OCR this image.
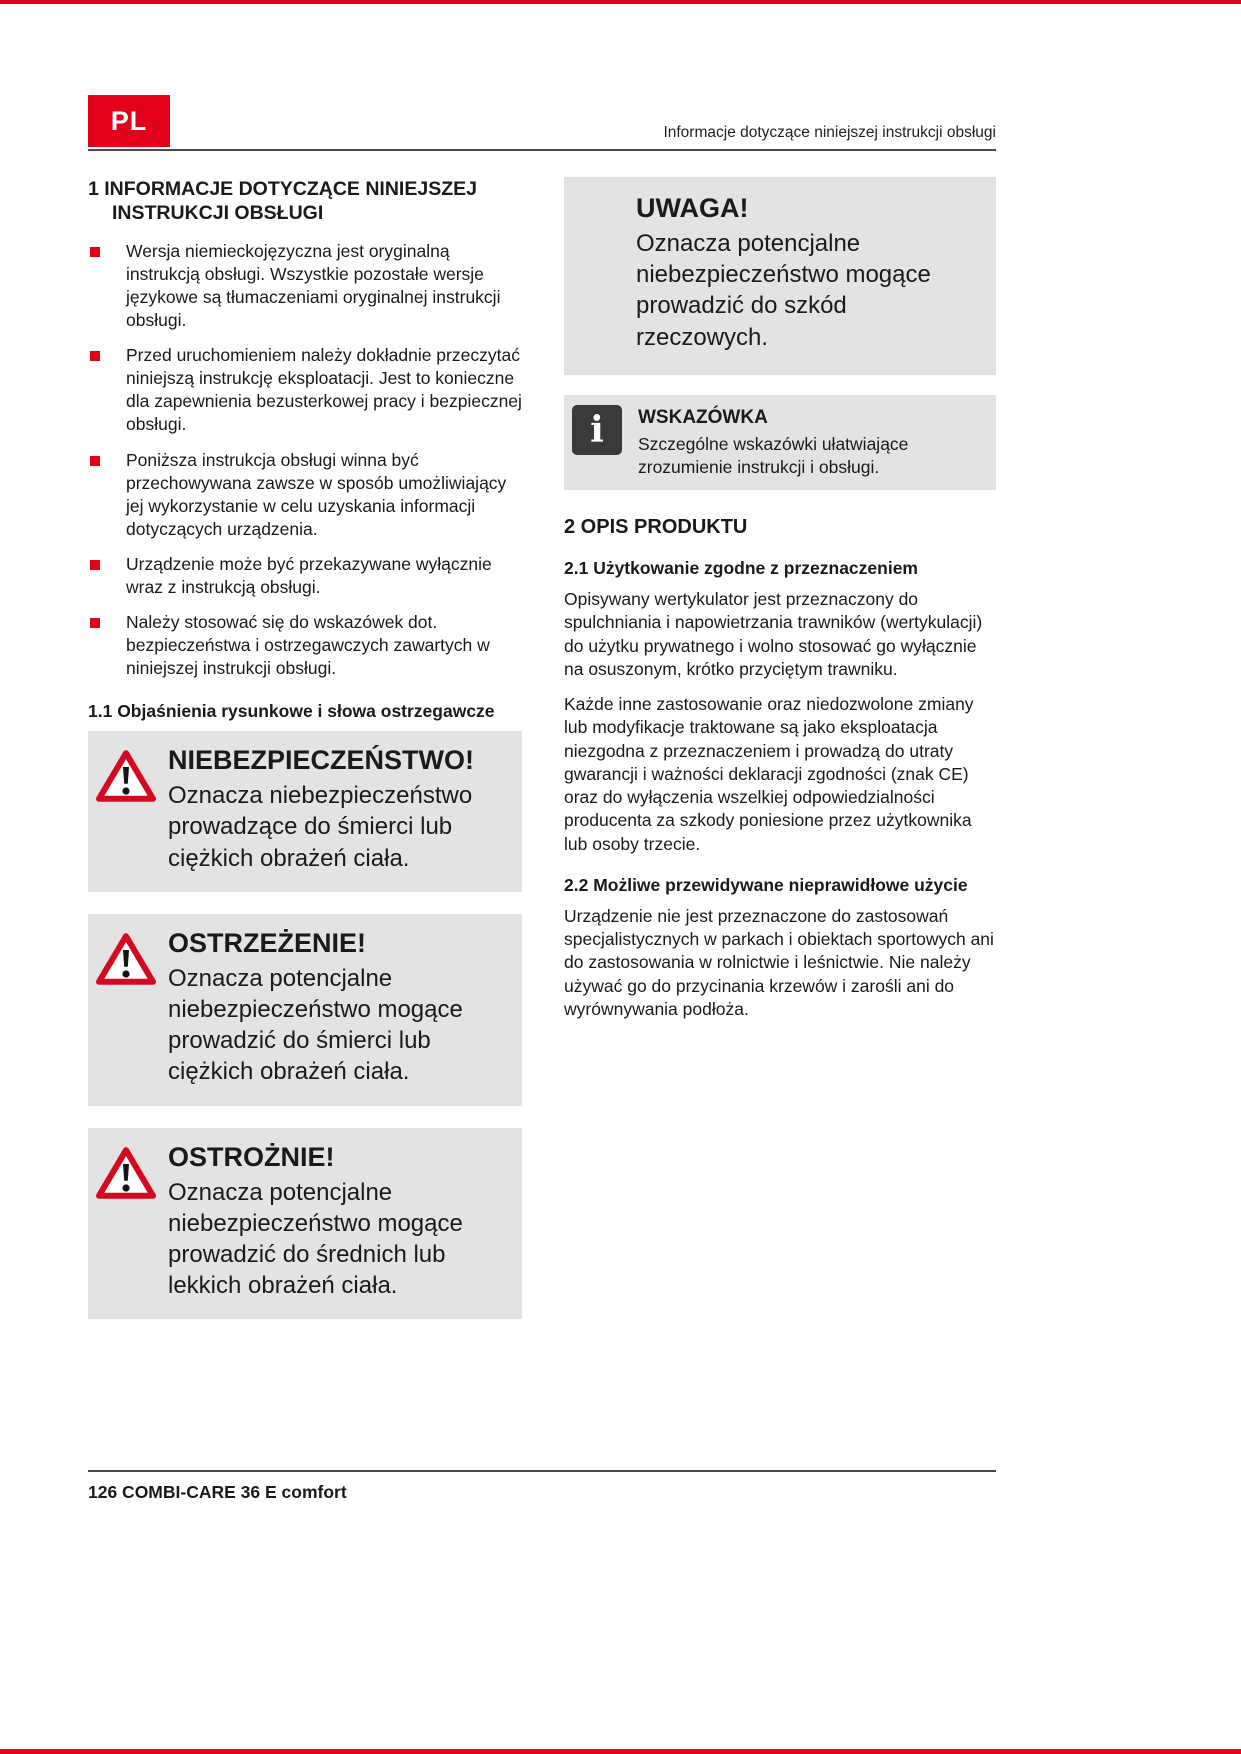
PL	Informacje dotyczące niniejszej instrukcji obsługi
1 INFORMACJE DOTYCZĄCE NINIEJSZEJ INSTRUKCJI OBSŁUGI
Wersja niemieckojęzyczna jest oryginalną instrukcją obsługi. Wszystkie pozostałe wersje językowe są tłumaczeniami oryginalnej instrukcji obsługi.
Przed uruchomieniem należy dokładnie przeczytać niniejszą instrukcję eksploatacji. Jest to konieczne dla zapewnienia bezusterkowej pracy i bezpiecznej obsługi.
Poniższa instrukcja obsługi winna być przechowywana zawsze w sposób umożliwiający jej wykorzystanie w celu uzyskania informacji dotyczących urządzenia.
Urządzenie może być przekazywane wyłącznie wraz z instrukcją obsługi.
Należy stosować się do wskazówek dot. bezpieczeństwa i ostrzegawczych zawartych w niniejszej instrukcji obsługi.
1.1 Objaśnienia rysunkowe i słowa ostrzegawcze
NIEBEZPIECZEŃSTWO!
Oznacza niebezpieczeństwo prowadzące do śmierci lub ciężkich obrażeń ciała.
OSTRZEŻENIE!
Oznacza potencjalne niebezpieczeństwo mogące prowadzić do śmierci lub ciężkich obrażeń ciała.
OSTROŻNIE!
Oznacza potencjalne niebezpieczeństwo mogące prowadzić do średnich lub lekkich obrażeń ciała.
UWAGA!
Oznacza potencjalne niebezpieczeństwo mogące prowadzić do szkód rzeczowych.
i	WSKAZÓWKA
Szczególne wskazówki ułatwiające zrozumienie instrukcji i obsługi.
2 OPIS PRODUKTU
2.1 Użytkowanie zgodne z przeznaczeniem

Opisywany wertykulator jest przeznaczony do spulchniania i napowietrzania trawników (wertykulacji) do użytku prywatnego i wolno stosować go wyłącznie na osuszonym, krótko przyciętym trawniku.

Każde inne zastosowanie oraz niedozwolone zmiany lub modyfikacje traktowane są jako eksploatacja niezgodna z przeznaczeniem i prowadzą do utraty gwarancji i ważności deklaracji zgodności (znak CE) oraz do wyłączenia wszelkiej odpowiedzialności producenta za szkody poniesione przez użytkownika lub osoby trzecie.

2.2 Możliwe przewidywane nieprawidłowe użycie

Urządzenie nie jest przeznaczone do zastosowań specjalistycznych w parkach i obiektach sportowych ani do zastosowania w rolnictwie i leśnictwie. Nie należy używać go do przycinania krzewów i zarośli ani do wyrównywania podłoża.

126 COMBI-CARE 36 E comfort
